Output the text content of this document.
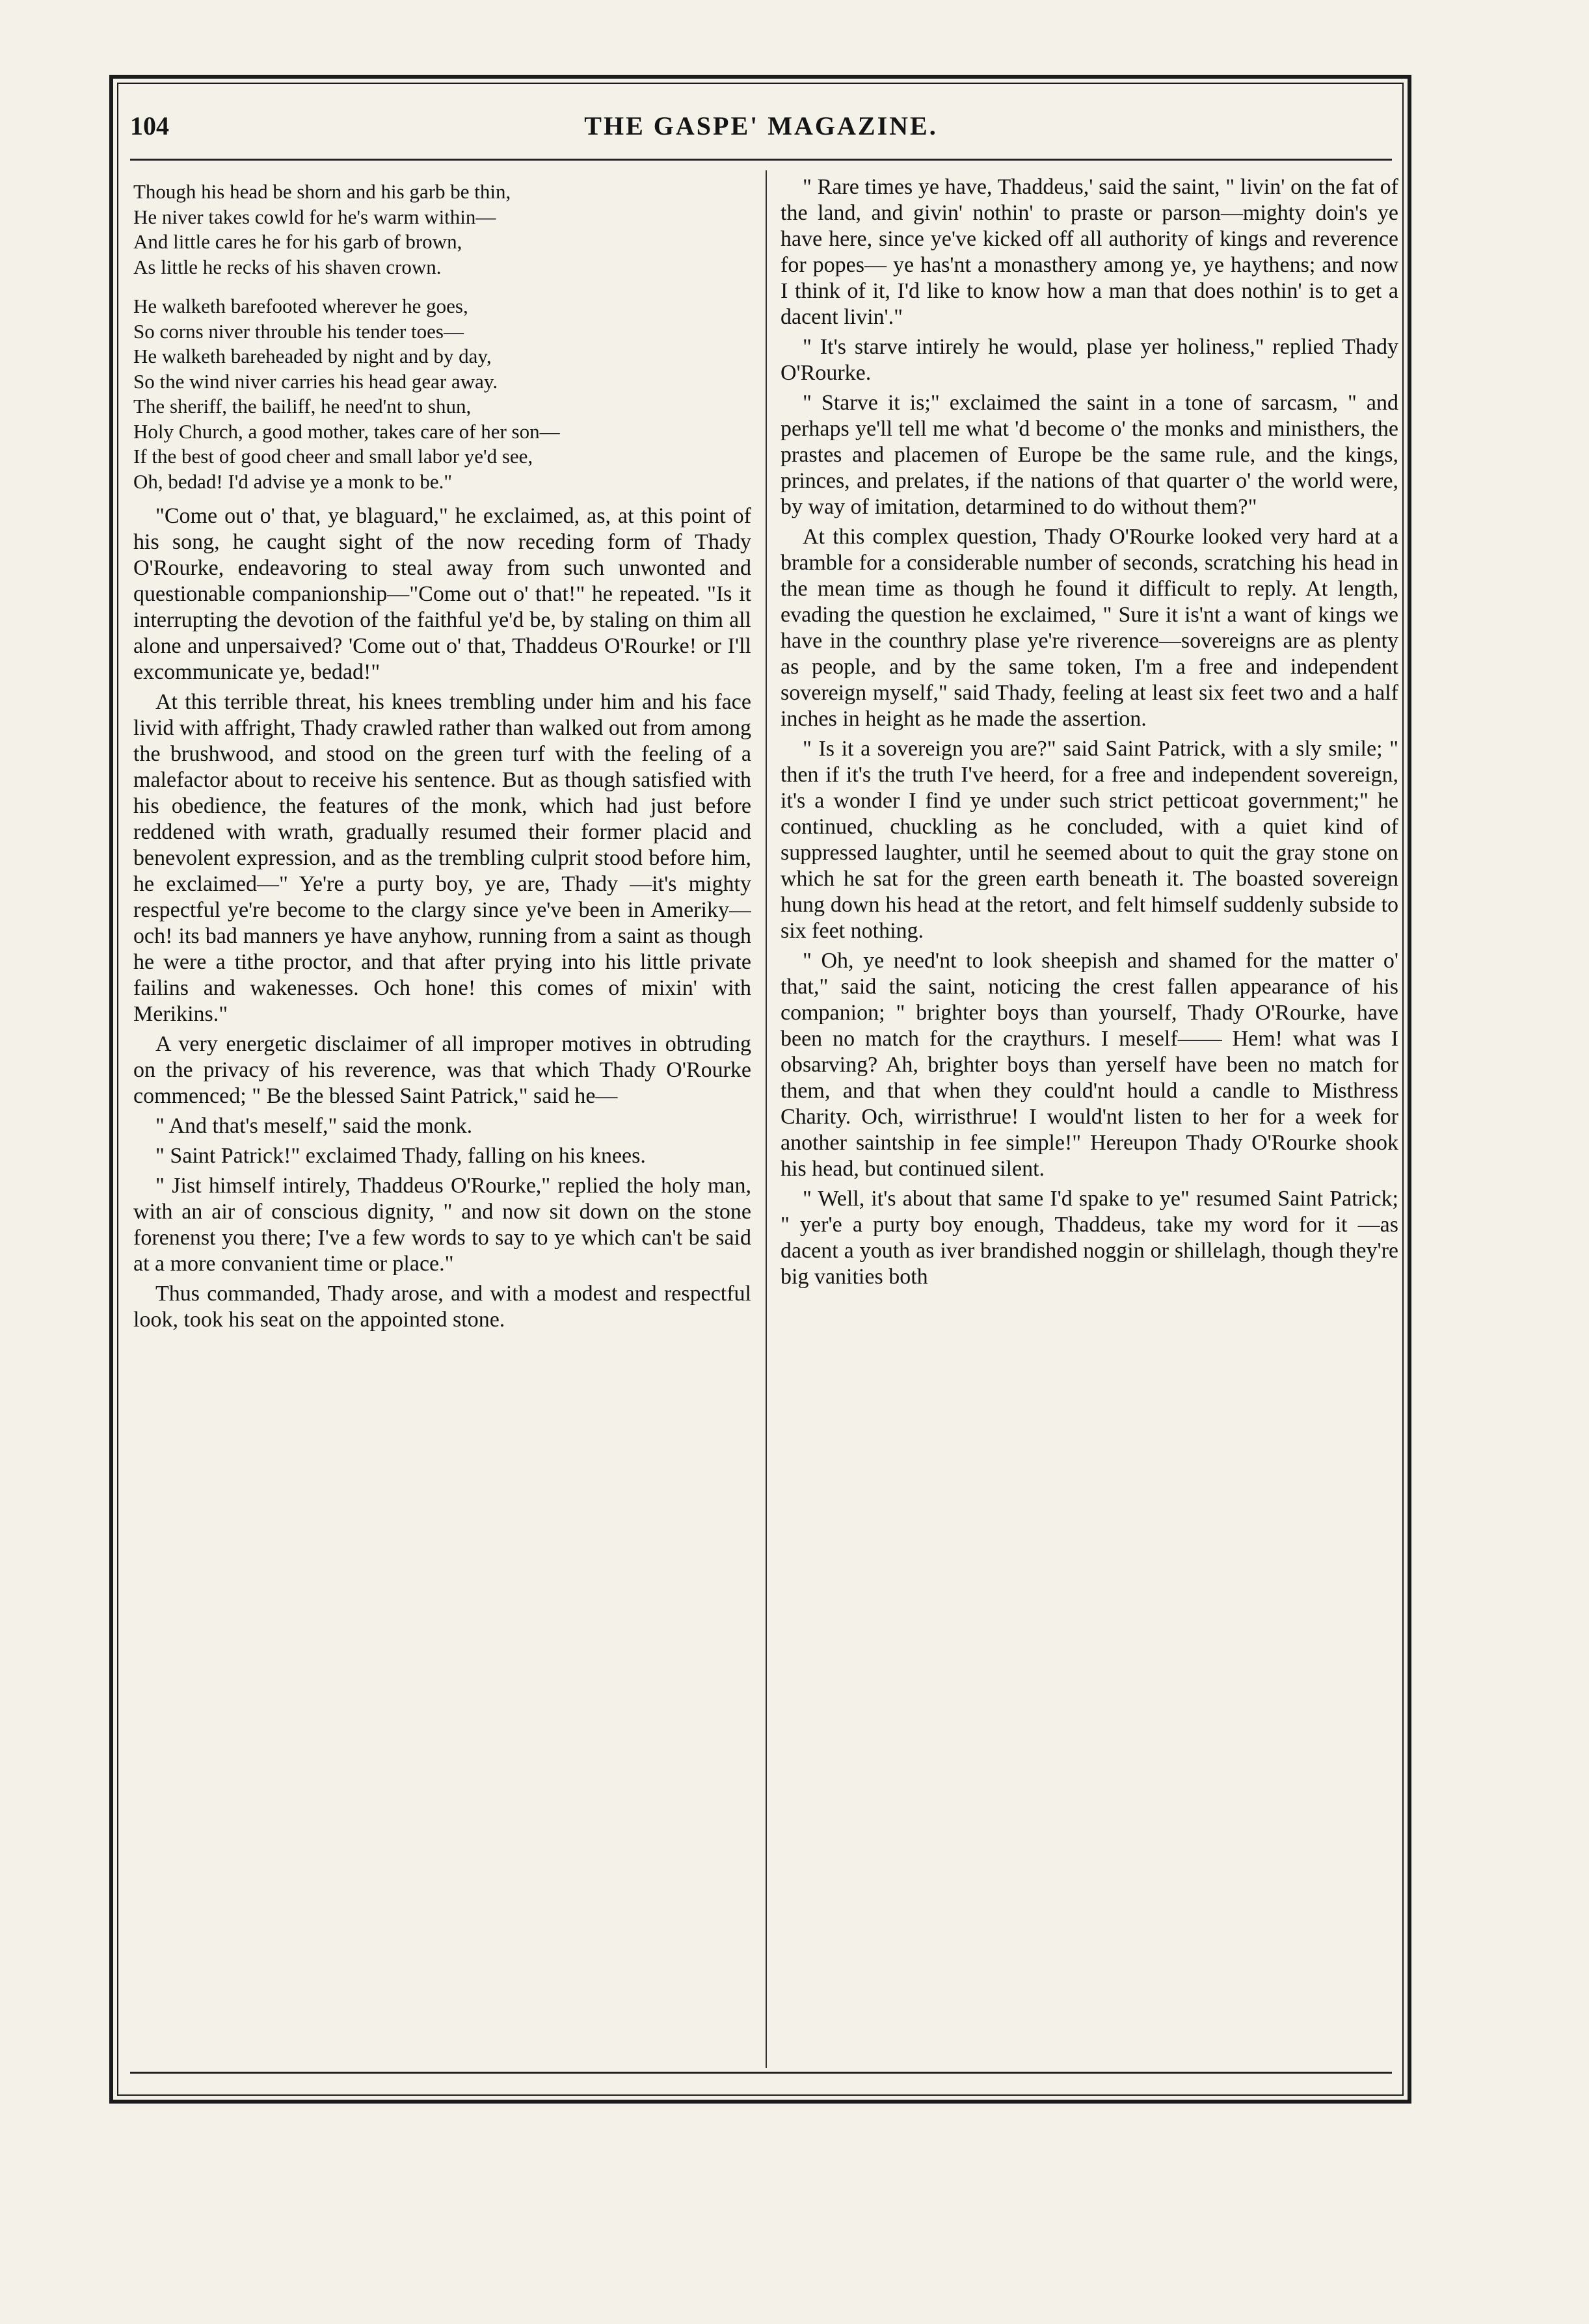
THE GASPE' MAGAZINE.
104
Though his head be shorn and his garb be thin,
He niver takes cowld for he's warm within—
And little cares he for his garb of brown,
As little he recks of his shaven crown.
He walketh barefooted wherever he goes,
So corns niver throuble his tender toes—
He walketh bareheaded by night and by day,
So the wind niver carries his head gear away.
The sheriff, the bailiff, he need'nt to shun,
Holy Church, a good mother, takes care of her son—
If the best of good cheer and small labor ye'd see,
Oh, bedad! I'd advise ye a monk to be."

"Come out o' that, ye blaguard," he exclaimed, as, at this point of his song, he caught sight of the now receding form of Thady O'Rourke, endeavoring to steal away from such unwonted and questionable companionship—"Come out o' that!" he repeated. "Is it interrupting the devotion of the faithful ye'd be, by staling on thim all alone and unpersaived? 'Come out o' that, Thaddeus O'Rourke! or I'll excommunicate ye, bedad!"

At this terrible threat, his knees trembling under him and his face livid with affright, Thady crawled rather than walked out from among the brushwood, and stood on the green turf with the feeling of a malefactor about to receive his sentence. But as though satisfied with his obedience, the features of the monk, which had just before reddened with wrath, gradually resumed their former placid and benevolent expression, and as the trembling culprit stood before him, he exclaimed—" Ye're a purty boy, ye are, Thady —it's mighty respectful ye're become to the clargy since ye've been in Ameriky—och! its bad manners ye have anyhow, running from a saint as though he were a tithe proctor, and that after prying into his little private failins and wakenesses. Och hone! this comes of mixin' with Merikins."

A very energetic disclaimer of all improper motives in obtruding on the privacy of his reverence, was that which Thady O'Rourke commenced; " Be the blessed Saint Patrick," said he—

" And that's meself," said the monk.

" Saint Patrick!" exclaimed Thady, falling on his knees.

" Jist himself intirely, Thaddeus O'Rourke," replied the holy man, with an air of conscious dignity, " and now sit down on the stone forenenst you there; I've a few words to say to ye which can't be said at a more convanient time or place."

Thus commanded, Thady arose, and with a modest and respectful look, took his seat on the appointed stone.

" Rare times ye have, Thaddeus,' said the saint, " livin' on the fat of the land, and givin' nothin' to praste or parson—mighty doin's ye have here, since ye've kicked off all authority of kings and reverence for popes— ye has'nt a monasthery among ye, ye haythens; and now I think of it, I'd like to know how a man that does nothin' is to get a dacent livin'."

" It's starve intirely he would, plase yer holiness," replied Thady O'Rourke.

" Starve it is;" exclaimed the saint in a tone of sarcasm, " and perhaps ye'll tell me what 'd become o' the monks and ministhers, the prastes and placemen of Europe be the same rule, and the kings, princes, and prelates, if the nations of that quarter o' the world were, by way of imitation, detarmined to do without them?"

At this complex question, Thady O'Rourke looked very hard at a bramble for a considerable number of seconds, scratching his head in the mean time as though he found it difficult to reply. At length, evading the question he exclaimed, " Sure it is'nt a want of kings we have in the counthry plase ye're riverence—sovereigns are as plenty as people, and by the same token, I'm a free and independent sovereign myself," said Thady, feeling at least six feet two and a half inches in height as he made the assertion.

" Is it a sovereign you are?" said Saint Patrick, with a sly smile; " then if it's the truth I've heerd, for a free and independent sovereign, it's a wonder I find ye under such strict petticoat government;" he continued, chuckling as he concluded, with a quiet kind of suppressed laughter, until he seemed about to quit the gray stone on which he sat for the green earth beneath it. The boasted sovereign hung down his head at the retort, and felt himself suddenly subside to six feet nothing.

" Oh, ye need'nt to look sheepish and shamed for the matter o' that," said the saint, noticing the crest fallen appearance of his companion; " brighter boys than yourself, Thady O'Rourke, have been no match for the craythurs. I meself—— Hem! what was I obsarving? Ah, brighter boys than yerself have been no match for them, and that when they could'nt hould a candle to Misthress Charity. Och, wirristhrue! I would'nt listen to her for a week for another saintship in fee simple!" Hereupon Thady O'Rourke shook his head, but continued silent.

" Well, it's about that same I'd spake to ye" resumed Saint Patrick; " yer'e a purty boy enough, Thaddeus, take my word for it —as dacent a youth as iver brandished noggin or shillelagh, though they're big vanities both
